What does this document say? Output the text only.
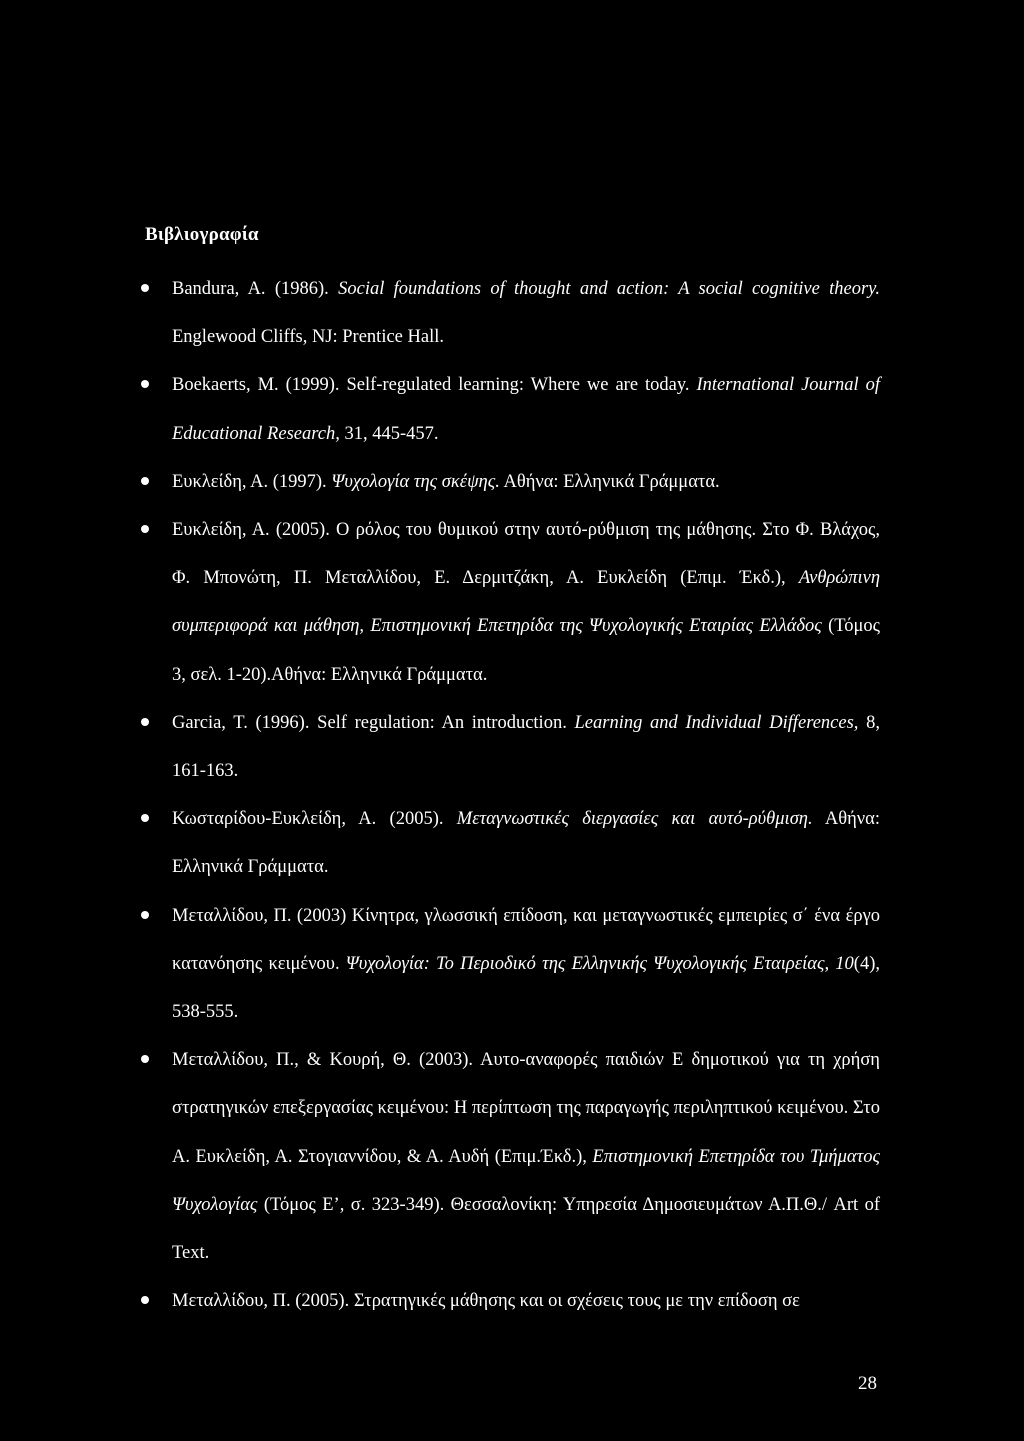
Βιβλιογραφία
Bandura, A. (1986). Social foundations of thought and action: A social cognitive theory. Englewood Cliffs, NJ: Prentice Hall.
Boekaerts, M. (1999). Self-regulated learning: Where we are today. International Journal of Educational Research, 31, 445-457.
Ευκλείδη, Α. (1997). Ψυχολογία της σκέψης. Αθήνα: Ελληνικά Γράμματα.
Ευκλείδη, Α. (2005). Ο ρόλος του θυμικού στην αυτό-ρύθμιση της μάθησης. Στο Φ. Βλάχος, Φ. Μπονώτη, Π. Μεταλλίδου, Ε. Δερμιτζάκη, Α. Ευκλείδη (Επιμ. Έκδ.), Ανθρώπινη συμπεριφορά και μάθηση, Επιστημονική Επετηρίδα της Ψυχολογικής Εταιρίας Ελλάδος (Τόμος 3, σελ. 1-20).Αθήνα: Ελληνικά Γράμματα.
Garcia, T. (1996). Self regulation: An introduction. Learning and Individual Differences, 8, 161-163.
Κωσταρίδου-Ευκλείδη, Α. (2005). Μεταγνωστικές διεργασίες και αυτό-ρύθμιση. Αθήνα: Ελληνικά Γράμματα.
Μεταλλίδου, Π. (2003) Κίνητρα, γλωσσική επίδοση, και μεταγνωστικές εμπειρίες σ΄ ένα έργο κατανόησης κειμένου. Ψυχολογία: Το Περιοδικό της Ελληνικής Ψυχολογικής Εταιρείας, 10(4), 538-555.
Μεταλλίδου, Π., & Κουρή, Θ. (2003). Αυτο-αναφορές παιδιών Ε δημοτικού για τη χρήση στρατηγικών επεξεργασίας κειμένου: Η περίπτωση της παραγωγής περιληπτικού κειμένου. Στο Α. Ευκλείδη, Α. Στογιαννίδου, & Α. Αυδή (Επιμ.Έκδ.), Επιστημονική Επετηρίδα του Τμήματος Ψυχολογίας (Τόμος Ε’, σ. 323-349). Θεσσαλονίκη: Υπηρεσία Δημοσιευμάτων Α.Π.Θ./ Art of Text.
Μεταλλίδου, Π. (2005). Στρατηγικές μάθησης και οι σχέσεις τους με την επίδοση σε
28
